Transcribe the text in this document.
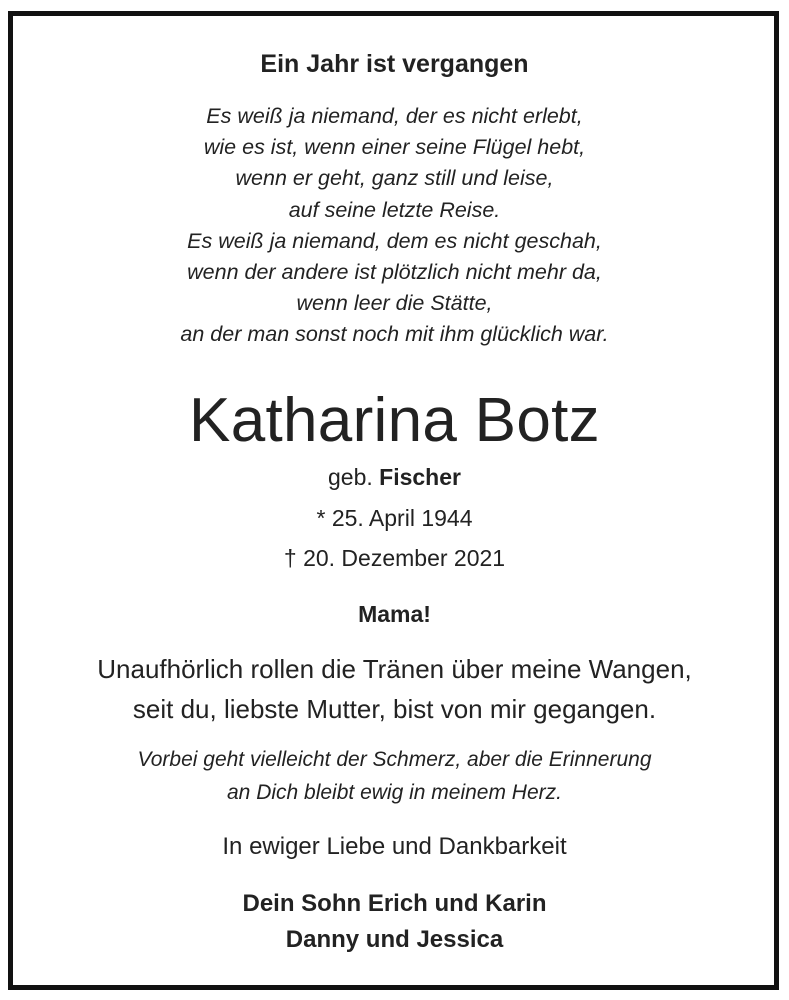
Ein Jahr ist vergangen
Es weiß ja niemand, der es nicht erlebt,
wie es ist, wenn einer seine Flügel hebt,
wenn er geht, ganz still und leise,
auf seine letzte Reise.
Es weiß ja niemand, dem es nicht geschah,
wenn der andere ist plötzlich nicht mehr da,
wenn leer die Stätte,
an der man sonst noch mit ihm glücklich war.
Katharina Botz
geb. Fischer
* 25. April 1944
† 20. Dezember 2021
Mama!
Unaufhörlich rollen die Tränen über meine Wangen,
seit du, liebste Mutter, bist von mir gegangen.
Vorbei geht vielleicht der Schmerz, aber die Erinnerung
an Dich bleibt ewig in meinem Herz.
In ewiger Liebe und Dankbarkeit
Dein Sohn Erich und Karin
Danny und Jessica
